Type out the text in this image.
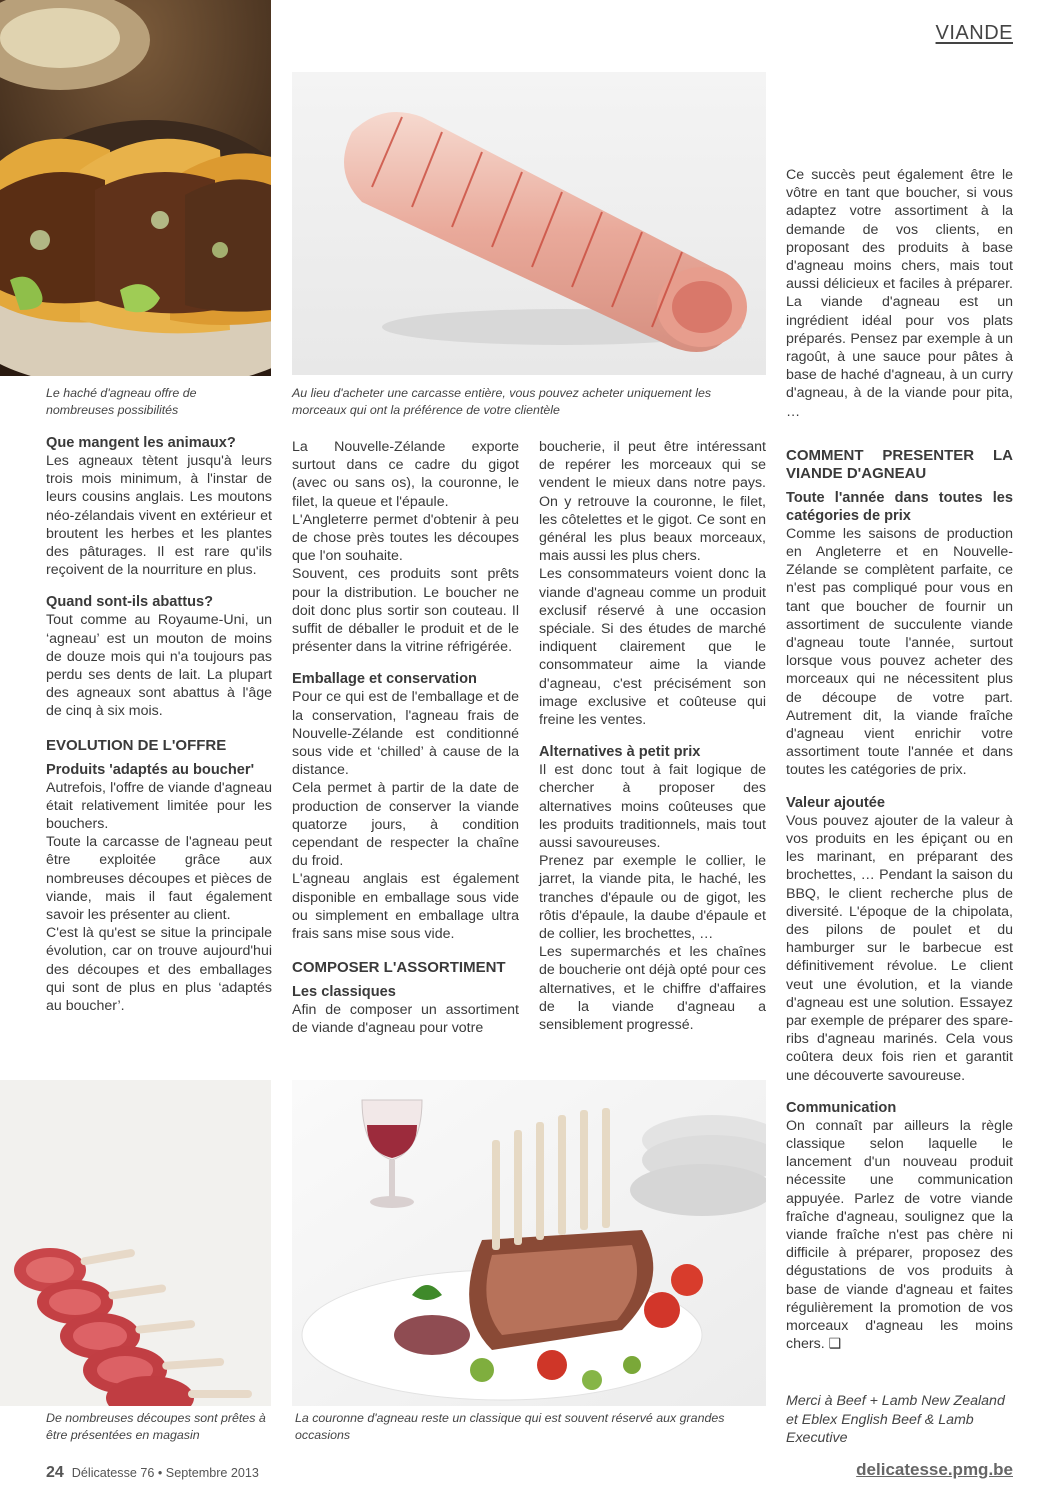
VIANDE
Le haché d'agneau offre de nombreuses possibilités
Au lieu d'acheter une carcasse entière, vous pouvez acheter uniquement les morceaux qui ont la préférence de votre clientèle
Que mangent les animaux?

Les agneaux tètent jusqu'à leurs trois mois minimum, à l'instar de leurs cousins anglais. Les moutons néo-zélandais vivent en extérieur et broutent les herbes et les plantes des pâturages. Il est rare qu'ils reçoivent de la nourriture en plus.

Quand sont-ils abattus?

Tout comme au Royaume-Uni, un ‘agneau’ est un mouton de moins de douze mois qui n'a toujours pas perdu ses dents de lait. La plupart des agneaux sont abattus à l'âge de cinq à six mois.

EVOLUTION DE L'OFFRE
Produits 'adaptés au boucher'

Autrefois, l'offre de viande d'agneau était relativement limitée pour les bouchers.

Toute la carcasse de l'agneau peut être exploitée grâce aux nombreuses découpes et pièces de viande, mais il faut également savoir les présenter au client.

C'est là qu'est se situe la principale évolution, car on trouve aujourd'hui des découpes et des emballages qui sont de plus en plus ‘adaptés au boucher’.

La Nouvelle-Zélande exporte surtout dans ce cadre du gigot (avec ou sans os), la couronne, le filet, la queue et l'épaule.

L'Angleterre permet d'obtenir à peu de chose près toutes les découpes que l'on souhaite.

Souvent, ces produits sont prêts pour la distribution. Le boucher ne doit donc plus sortir son couteau. Il suffit de déballer le produit et de le présenter dans la vitrine réfrigérée.

Emballage et conservation

Pour ce qui est de l'emballage et de la conservation, l'agneau frais de Nouvelle-Zélande est conditionné sous vide et ‘chilled’ à cause de la distance.

Cela permet à partir de la date de production de conserver la viande quatorze jours, à condition cependant de respecter la chaîne du froid.

L'agneau anglais est également disponible en emballage sous vide ou simplement en emballage ultra frais sans mise sous vide.

COMPOSER L'ASSORTIMENT
Les classiques

Afin de composer un assortiment de viande d'agneau pour votre

boucherie, il peut être intéressant de repérer les morceaux qui se vendent le mieux dans notre pays. On y retrouve la couronne, le filet, les côtelettes et le gigot. Ce sont en général les plus beaux morceaux, mais aussi les plus chers.

Les consommateurs voient donc la viande d'agneau comme un produit exclusif réservé à une occasion spéciale. Si des études de marché indiquent clairement que le consommateur aime la viande d'agneau, c'est précisément son image exclusive et coûteuse qui freine les ventes.

Alternatives à petit prix

Il est donc tout à fait logique de chercher à proposer des alternatives moins coûteuses que les produits traditionnels, mais tout aussi savoureuses.

Prenez par exemple le collier, le jarret, la viande pita, le haché, les tranches d'épaule ou de gigot, les rôtis d'épaule, la daube d'épaule et de collier, les brochettes, …

Les supermarchés et les chaînes de boucherie ont déjà opté pour ces alternatives, et le chiffre d'affaires de la viande d'agneau a sensiblement progressé.

Ce succès peut également être le vôtre en tant que boucher, si vous adaptez votre assortiment à la demande de vos clients, en proposant des produits à base d'agneau moins chers, mais tout aussi délicieux et faciles à préparer. La viande d'agneau est un ingrédient idéal pour vos plats préparés. Pensez par exemple à un ragoût, à une sauce pour pâtes à base de haché d'agneau, à un curry d'agneau, à de la viande pour pita, …

COMMENT PRESENTER LA VIANDE D'AGNEAU
Toute l'année dans toutes les catégories de prix

Comme les saisons de production en Angleterre et en Nouvelle-Zélande se complètent parfaite, ce n'est pas compliqué pour vous en tant que boucher de fournir un assortiment de succulente viande d'agneau toute l'année, surtout lorsque vous pouvez acheter des morceaux qui ne nécessitent plus de découpe de votre part. Autrement dit, la viande fraîche d'agneau vient enrichir votre assortiment toute l'année et dans toutes les catégories de prix.

Valeur ajoutée

Vous pouvez ajouter de la valeur à vos produits en les épiçant ou en les marinant, en préparant des brochettes, … Pendant la saison du BBQ, le client recherche plus de diversité. L'époque de la chipolata, des pilons de poulet et du hamburger sur le barbecue est définitivement révolue. Le client veut une évolution, et la viande d'agneau est une solution. Essayez par exemple de préparer des spare-ribs d'agneau marinés. Cela vous coûtera deux fois rien et garantit une découverte savoureuse.

Communication

On connaît par ailleurs la règle classique selon laquelle le lancement d'un nouveau produit nécessite une communication appuyée. Parlez de votre viande fraîche d'agneau, soulignez que la viande fraîche n'est pas chère ni difficile à préparer, proposez des dégustations de vos produits à base de viande d'agneau et faites régulièrement la promotion de vos morceaux d'agneau les moins chers. ❑

De nombreuses découpes sont prêtes à être présentées en magasin
La couronne d'agneau reste un classique qui est souvent réservé aux grandes occasions
Merci à Beef + Lamb New Zealand et Eblex English Beef & Lamb Executive
24 Délicatesse 76 • Septembre 2013	delicatesse.pmg.be
